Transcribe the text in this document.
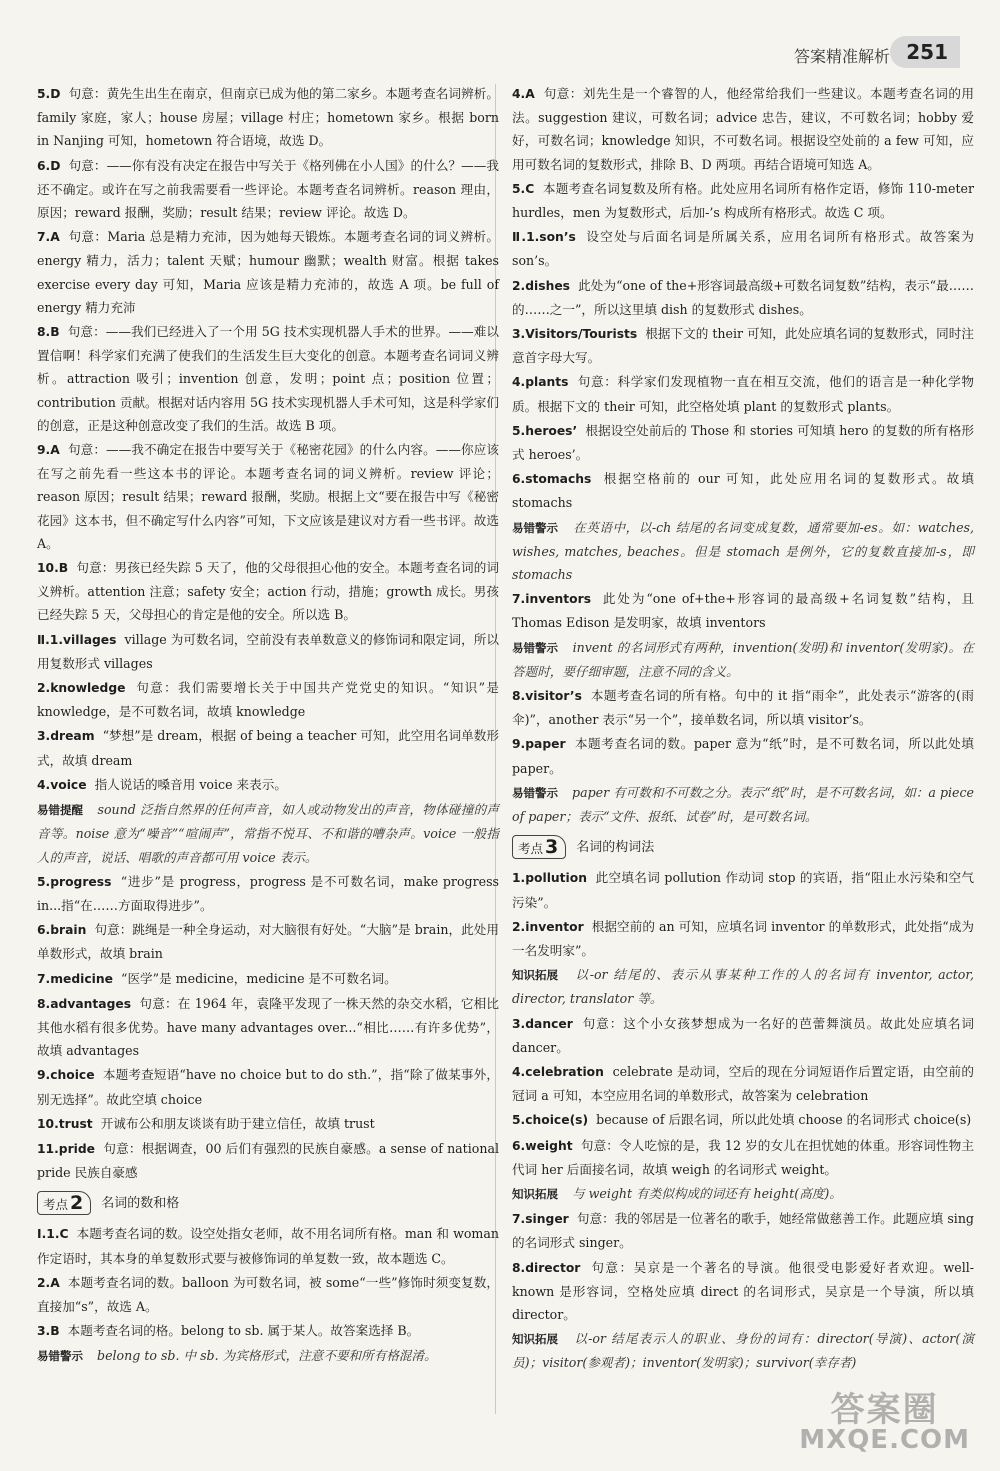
答案精准解析 251
5.D 句意：黄先生出生在南京，但南京已成为他的第二家乡。本题考查名词辨析。family 家庭，家人；house 房屋；village 村庄；hometown 家乡。根据 born in Nanjing 可知，hometown 符合语境，故选 D。
6.D 句意：——你有没有决定在报告中写关于《格列佛在小人国》的什么？——我还不确定。或许在写之前我需要看一些评论。本题考查名词辨析。reason 理由，原因；reward 报酬，奖励；result 结果；review 评论。故选 D。
7.A 句意：Maria 总是精力充沛，因为她每天锻炼。本题考查名词的词义辨析。energy 精力，活力；talent 天赋；humour 幽默；wealth 财富。根据 takes exercise every day 可知，Maria 应该是精力充沛的，故选 A 项。be full of energy 精力充沛
8.B 句意：——我们已经进入了一个用 5G 技术实现机器人手术的世界。——难以置信啊！科学家们充满了使我们的生活发生巨大变化的创意。本题考查名词词义辨析。attraction 吸引；invention 创意，发明；point 点；position 位置；contribution 贡献。根据对话内容用 5G 技术实现机器人手术可知，这是科学家们的创意，正是这种创意改变了我们的生活。故选 B 项。
9.A 句意：——我不确定在报告中要写关于《秘密花园》的什么内容。——你应该在写之前先看一些这本书的评论。本题考查名词的词义辨析。review 评论；reason 原因；result 结果；reward 报酬，奖励。根据上文“要在报告中写《秘密花园》这本书，但不确定写什么内容”可知，下文应该是建议对方看一些书评。故选 A。
10.B 句意：男孩已经失踪 5 天了，他的父母很担心他的安全。本题考查名词的词义辨析。attention 注意；safety 安全；action 行动，措施；growth 成长。男孩已经失踪 5 天，父母担心的肯定是他的安全。所以选 B。
Ⅱ.1.villages village 为可数名词，空前没有表单数意义的修饰词和限定词，所以用复数形式 villages
2.knowledge 句意：我们需要增长关于中国共产党党史的知识。“知识”是 knowledge，是不可数名词，故填 knowledge
3.dream “梦想”是 dream，根据 of being a teacher 可知，此空用名词单数形式，故填 dream
4.voice 指人说话的嗓音用 voice 来表示。
易错提醒 sound 泛指自然界的任何声音，如人或动物发出的声音，物体碰撞的声音等。noise 意为“噪音”“喧闹声”，常指不悦耳、不和谐的嘈杂声。voice 一般指人的声音，说话、唱歌的声音都可用 voice 表示。
5.progress “进步”是 progress，progress 是不可数名词，make progress in...指“在……方面取得进步”。
6.brain 句意：跳绳是一种全身运动，对大脑很有好处。“大脑”是 brain，此处用单数形式，故填 brain
7.medicine “医学”是 medicine，medicine 是不可数名词。
8.advantages 句意：在 1964 年，袁隆平发现了一株天然的杂交水稻，它相比其他水稻有很多优势。have many advantages over...“相比……有许多优势”，故填 advantages
9.choice 本题考查短语“have no choice but to do sth.”，指“除了做某事外，别无选择”。故此空填 choice
10.trust 开诚布公和朋友谈谈有助于建立信任，故填 trust
11.pride 句意：根据调查，00 后们有强烈的民族自豪感。a sense of national pride 民族自豪感
考点 2 名词的数和格
Ⅰ.1.C 本题考查名词的数。设空处指女老师，故不用名词所有格。man 和 woman 作定语时，其本身的单复数形式要与被修饰词的单复数一致，故本题选 C。
2.A 本题考查名词的数。balloon 为可数名词，被 some“一些”修饰时须变复数，直接加“s”，故选 A。
3.B 本题考查名词的格。belong to sb. 属于某人。故答案选择 B。
易错警示 belong to sb. 中 sb. 为宾格形式，注意不要和所有格混淆。
4.A 句意：刘先生是一个睿智的人，他经常给我们一些建议。本题考查名词的用法。suggestion 建议，可数名词；advice 忠告，建议，不可数名词；hobby 爱好，可数名词；knowledge 知识，不可数名词。根据设空处前的 a few 可知，应用可数名词的复数形式，排除 B、D 两项。再结合语境可知选 A。
5.C 本题考查名词复数及所有格。此处应用名词所有格作定语，修饰 110-meter hurdles，men 为复数形式，后加-’s 构成所有格形式。故选 C 项。
Ⅱ.1.son’s 设空处与后面名词是所属关系，应用名词所有格形式。故答案为 son’s。
2.dishes 此处为“one of the+形容词最高级+可数名词复数”结构，表示“最……的……之一”，所以这里填 dish 的复数形式 dishes。
3.Visitors/Tourists 根据下文的 their 可知，此处应填名词的复数形式，同时注意首字母大写。
4.plants 句意：科学家们发现植物一直在相互交流，他们的语言是一种化学物质。根据下文的 their 可知，此空格处填 plant 的复数形式 plants。
5.heroes’ 根据设空处前后的 Those 和 stories 可知填 hero 的复数的所有格形式 heroes’。
6.stomachs 根据空格前的 our 可知，此处应用名词的复数形式。故填 stomachs
易错警示 在英语中，以-ch 结尾的名词变成复数，通常要加-es。如：watches, wishes, matches, beaches。但是 stomach 是例外，它的复数直接加-s，即 stomachs
7.inventors 此处为“one of+the+形容词的最高级+名词复数”结构，且 Thomas Edison 是发明家，故填 inventors
易错警示 invent 的名词形式有两种，invention(发明)和 inventor(发明家)。在答题时，要仔细审题，注意不同的含义。
8.visitor’s 本题考查名词的所有格。句中的 it 指“雨伞”，此处表示“游客的(雨伞)”，another 表示“另一个”，接单数名词，所以填 visitor’s。
9.paper 本题考查名词的数。paper 意为“纸”时，是不可数名词，所以此处填 paper。
易错警示 paper 有可数和不可数之分。表示“纸”时，是不可数名词，如：a piece of paper；表示“文件、报纸、试卷”时，是可数名词。
考点 3 名词的构词法
1.pollution 此空填名词 pollution 作动词 stop 的宾语，指“阻止水污染和空气污染”。
2.inventor 根据空前的 an 可知，应填名词 inventor 的单数形式，此处指“成为一名发明家”。
知识拓展 以-or 结尾的、表示从事某种工作的人的名词有 inventor, actor, director, translator 等。
3.dancer 句意：这个小女孩梦想成为一名好的芭蕾舞演员。故此处应填名词 dancer。
4.celebration celebrate 是动词，空后的现在分词短语作后置定语，由空前的冠词 a 可知，本空应用名词的单数形式，故答案为 celebration
5.choice(s) because of 后跟名词，所以此处填 choose 的名词形式 choice(s)
6.weight 句意：令人吃惊的是，我 12 岁的女儿在担忧她的体重。形容词性物主代词 her 后面接名词，故填 weigh 的名词形式 weight。
知识拓展 与 weight 有类似构成的词还有 height(高度)。
7.singer 句意：我的邻居是一位著名的歌手，她经常做慈善工作。此题应填 sing 的名词形式 singer。
8.director 句意：吴京是一个著名的导演。他很受电影爱好者欢迎。well-known 是形容词，空格处应填 direct 的名词形式，吴京是一个导演，所以填 director。
知识拓展 以-or 结尾表示人的职业、身份的词有：director(导演)、actor(演员)；visitor(参观者)；inventor(发明家)；survivor(幸存者)
答案圈
MXQE.COM
